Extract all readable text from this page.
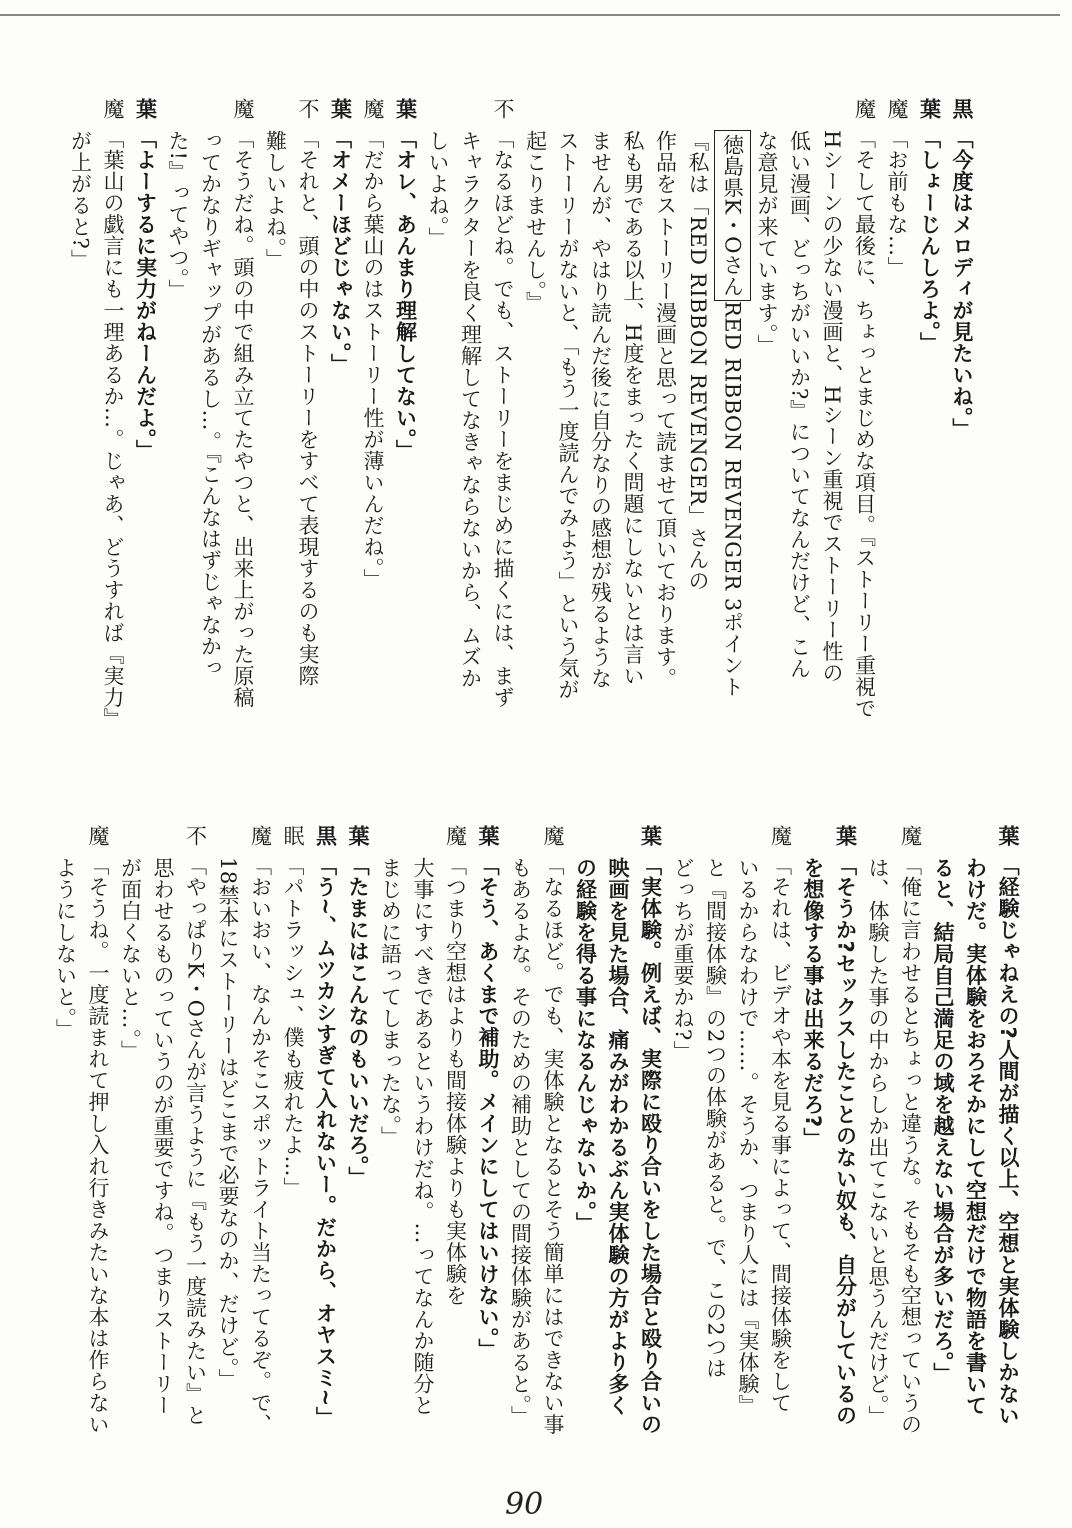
黒「今度はメロディが見たいね。」
葉「しょーじんしろよ。」
魔「お前もな…」
魔「そして最後に、ちょっとまじめな項目。『ストーリー重視で
Hシーンの少ない漫画と、Hシーン重視でストーリー性の
低い漫画、どっちがいいか?』についてなんだけど、こん
な意見が来ています。」
徳島県K・OさんRED RIBBON REVENGER 3ポイント
『私は「RED RIBBON REVENGER」さんの
作品をストーリー漫画と思って読ませて頂いております。
私も男である以上、H度をまったく問題にしないとは言い
ませんが、やはり読んだ後に自分なりの感想が残るような
ストーリーがないと、「もう一度読んでみよう」という気が
起こりませんし。』
不「なるほどね。でも、ストーリーをまじめに描くには、まず
キャラクターを良く理解してなきゃならないから、ムズか
しいよね。」
葉「オレ、あんまり理解してない。」
魔「だから葉山のはストーリー性が薄いんだね。」
葉「オメーほどじゃない。」
不「それと、頭の中のストーリーをすべて表現するのも実際
難しいよね。」
魔「そうだね。頭の中で組み立てたやつと、出来上がった原稿
ってかなりギャップがあるし…。『こんなはずじゃなかっ
た!』ってやつ。」
葉「よーするに実力がねーんだよ。」
魔「葉山の戯言にも一理あるか…。じゃあ、どうすれば『実力』
が上がると?」
葉「経験じゃねえの?人間が描く以上、空想と実体験しかない
わけだ。実体験をおろそかにして空想だけで物語を書いて
ると、結局自己満足の域を越えない場合が多いだろ。」
魔「俺に言わせるとちょっと違うな。そもそも空想っていうの
は、体験した事の中からしか出てこないと思うんだけど。」
葉「そうか?セックスしたことのない奴も、自分がしているの
を想像する事は出来るだろ?」
魔「それは、ビデオや本を見る事によって、間接体験をして
いるからなわけで……。そうか、つまり人には『実体験』
と『間接体験』の2つの体験があると。で、この2つは
どっちが重要かね?」
葉「実体験。例えば、実際に殴り合いをした場合と殴り合いの
映画を見た場合、痛みがわかるぶん実体験の方がより多く
の経験を得る事になるんじゃないか。」
魔「なるほど。でも、実体験となるとそう簡単にはできない事
もあるよな。そのための補助としての間接体験があると。」
葉「そう、あくまで補助。メインにしてはいけない。」
魔「つまり空想はよりも間接体験よりも実体験を
大事にすべきであるというわけだね。…ってなんか随分と
まじめに語ってしまったな。」
葉「たまにはこんなのもいいだろ。」
黒「う~、ムツカシすぎて入れないー。だから、オヤスミ~」
眠「パトラッシュ、僕も疲れたよ…」
魔「おいおい、なんかそこスポットライト当たってるぞ。で、
18禁本にストーリーはどこまで必要なのか、だけど。」
不「やっぱりK・Oさんが言うように『もう一度読みたい』と
思わせるものっていうのが重要ですね。つまりストーリー
が面白くないと…。」
魔「そうね。一度読まれて押し入れ行きみたいな本は作らない
ようにしないと。」
90
